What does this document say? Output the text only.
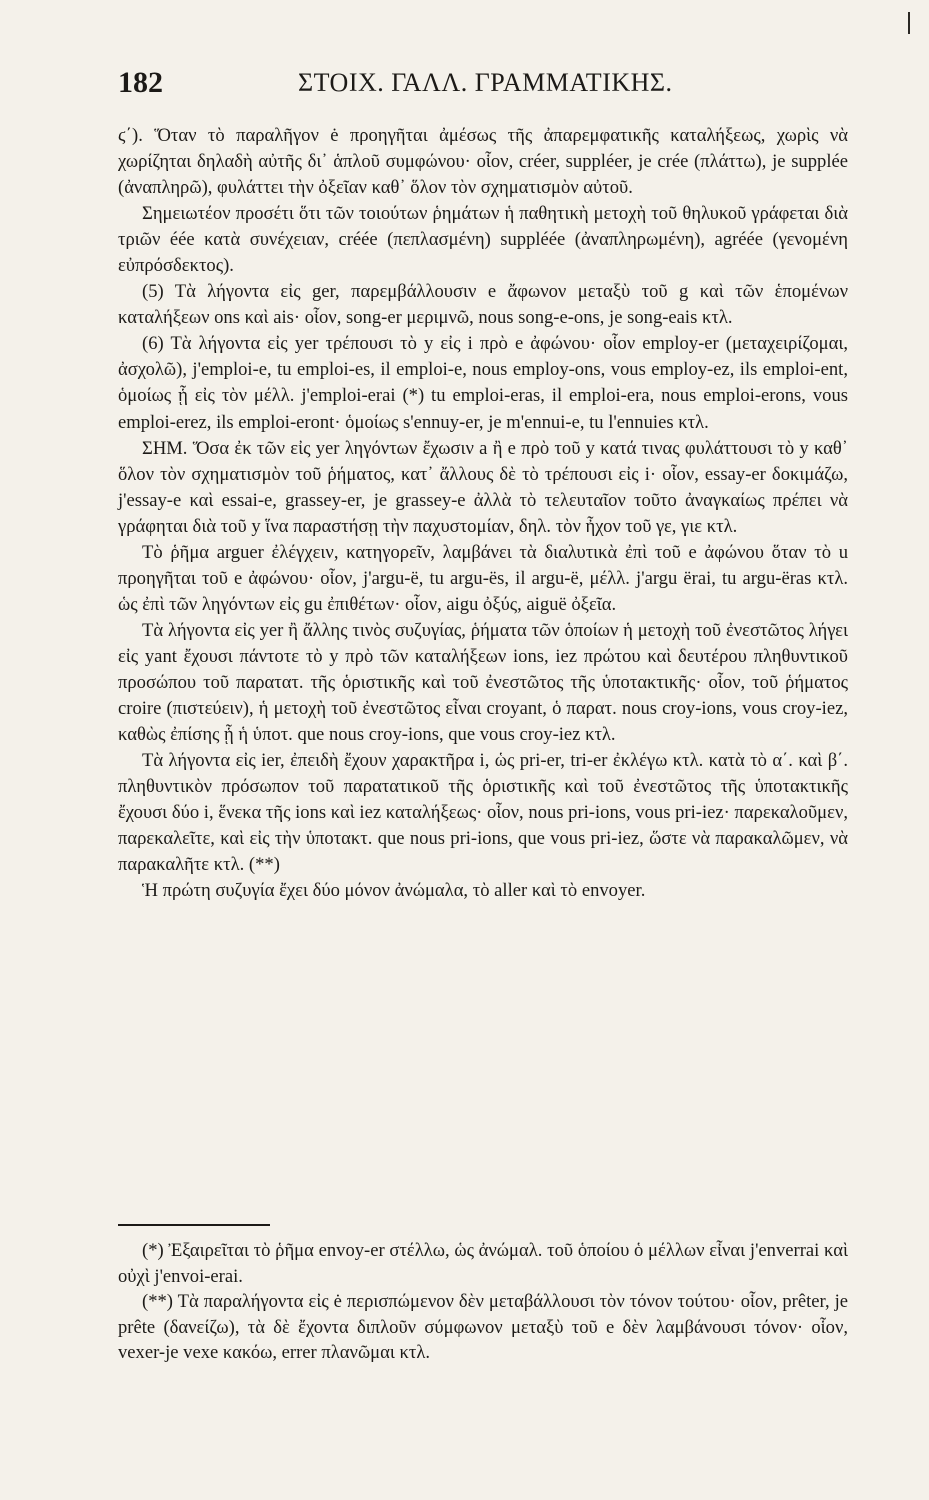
182	ΣΤΟΙΧ. ΓΑΛΛ. ΓΡΑΜΜΑΤΙΚΗΣ.

ϛ΄). Ὅταν τὸ παραλῆγον ė προηγῆται ἀμέσως τῆς ἀπαρεμφατικῆς καταλήξεως, χωρὶς νὰ χωρίζηται δηλαδὴ αὐτῆς δι᾽ ἁπλοῦ συμφώνου· οἷον, créer, suppléer, je crée (πλάττω), je supplée (ἀναπληρῶ), φυλάττει τὴν ὀξεῖαν καθ᾽ ὅλον τὸν σχηματισμὸν αὐτοῦ.

Σημειωτέον προσέτι ὅτι τῶν τοιούτων ῥημάτων ἡ παθητικὴ μετοχὴ τοῦ θηλυκοῦ γράφεται διὰ τριῶν éée κατὰ συνέχειαν, créée (πεπλασμένη) suppléée (ἀναπληρωμένη), agréée (γενομένη εὐπρόσδεκτος).

(5) Τὰ λήγοντα εἰς ger, παρεμβάλλουσιν e ἄφωνον μεταξὺ τοῦ g καὶ τῶν ἑπομένων καταλήξεων ons καὶ ais· οἷον, song-er μεριμνῶ, nous song-e-ons, je song-eais κτλ.

(6) Τὰ λήγοντα εἰς yer τρέπουσι τὸ y εἰς i πρὸ e ἀφώνου· οἷον employ-er (μεταχειρίζομαι, ἀσχολῶ), j'emploi-e, tu emploi-es, il emploi-e, nous employ-ons, vous employ-ez, ils emploi-ent, ὁμοίως ᾗ εἰς τὸν μέλλ. j'emploi-erai (*) tu emploi-eras, il emploi-era, nous emploi-erons, vous emploi-erez, ils emploi-eront· ὁμοίως s'ennuy-er, je m'ennui-e, tu l'ennuies κτλ.

ΣΗΜ. Ὅσα ἐκ τῶν εἰς yer ληγόντων ἔχωσιν a ἢ e πρὸ τοῦ y κατά τινας φυλάττουσι τὸ y καθ᾽ ὅλον τὸν σχηματισμὸν τοῦ ῥήματος, κατ᾽ ἄλλους δὲ τὸ τρέπουσι εἰς i· οἷον, essay-er δοκιμάζω, j'essay-e καὶ essai-e, grassey-er, je grassey-e ἀλλὰ τὸ τελευταῖον τοῦτο ἀναγκαίως πρέπει νὰ γράφηται διὰ τοῦ y ἵνα παραστήσῃ τὴν παχυστομίαν, δηλ. τὸν ἦχον τοῦ γε, γιε κτλ.

Τὸ ῥῆμα arguer ἐλέγχειν, κατηγορεῖν, λαμβάνει τὰ διαλυτικὰ ἐπὶ τοῦ e ἀφώνου ὅταν τὸ u προηγῆται τοῦ e ἀφώνου· οἷον, j'argu-ë, tu argu-ës, il argu-ë, μέλλ. j'argu ërai, tu argu-ëras κτλ. ὡς ἐπὶ τῶν ληγόντων εἰς gu ἐπιθέτων· οἷον, aigu ὀξύς, aiguë ὀξεῖα.

Τὰ λήγοντα εἰς yer ἢ ἄλλης τινὸς συζυγίας, ῥήματα τῶν ὁποίων ἡ μετοχὴ τοῦ ἐνεστῶτος λήγει εἰς yant ἔχουσι πάντοτε τὸ y πρὸ τῶν καταλήξεων ions, iez πρώτου καὶ δευτέρου πληθυντικοῦ προσώπου τοῦ παρατατ. τῆς ὁριστικῆς καὶ τοῦ ἐνεστῶτος τῆς ὑποτακτικῆς· οἷον, τοῦ ῥήματος croire (πιστεύειν), ἡ μετοχὴ τοῦ ἐνεστῶτος εἶναι croyant, ὁ παρατ. nous croy-ions, vous croy-iez, καθὼς ἐπίσης ᾗ ἡ ὑποτ. que nous croy-ions, que vous croy-iez κτλ.

Τὰ λήγοντα εἰς ier, ἐπειδὴ ἔχουν χαρακτῆρα i, ὡς pri-er, tri-er ἐκλέγω κτλ. κατὰ τὸ α΄. καὶ β΄. πληθυντικὸν πρόσωπον τοῦ παρατατικοῦ τῆς ὁριστικῆς καὶ τοῦ ἐνεστῶτος τῆς ὑποτακτικῆς ἔχουσι δύο i, ἕνεκα τῆς ions καὶ iez καταλήξεως· οἷον, nous pri-ions, vous pri-iez· παρεκαλοῦμεν, παρεκαλεῖτε, καὶ εἰς τὴν ὑποτακτ. que nous pri-ions, que vous pri-iez, ὥστε νὰ παρακαλῶμεν, νὰ παρακαλῆτε κτλ. (**)

Ἡ πρώτη συζυγία ἔχει δύο μόνον ἀνώμαλα, τὸ aller καὶ τὸ envoyer.

(*) Ἐξαιρεῖται τὸ ῥῆμα envoy-er στέλλω, ὡς ἀνώμαλ. τοῦ ὁποίου ὁ μέλλων εἶναι j'enverrai καὶ οὐχὶ j'envoi-erai.

(**) Τὰ παραλήγοντα εἰς ė περισπώμενον δὲν μεταβάλλουσι τὸν τόνον τούτου· οἷον, prêter, je prête (δανείζω), τὰ δὲ ἔχοντα διπλοῦν σύμφωνον μεταξὺ τοῦ e δὲν λαμβάνουσι τόνον· οἷον, vexer-je vexe κακόω, errer πλανῶμαι κτλ.
